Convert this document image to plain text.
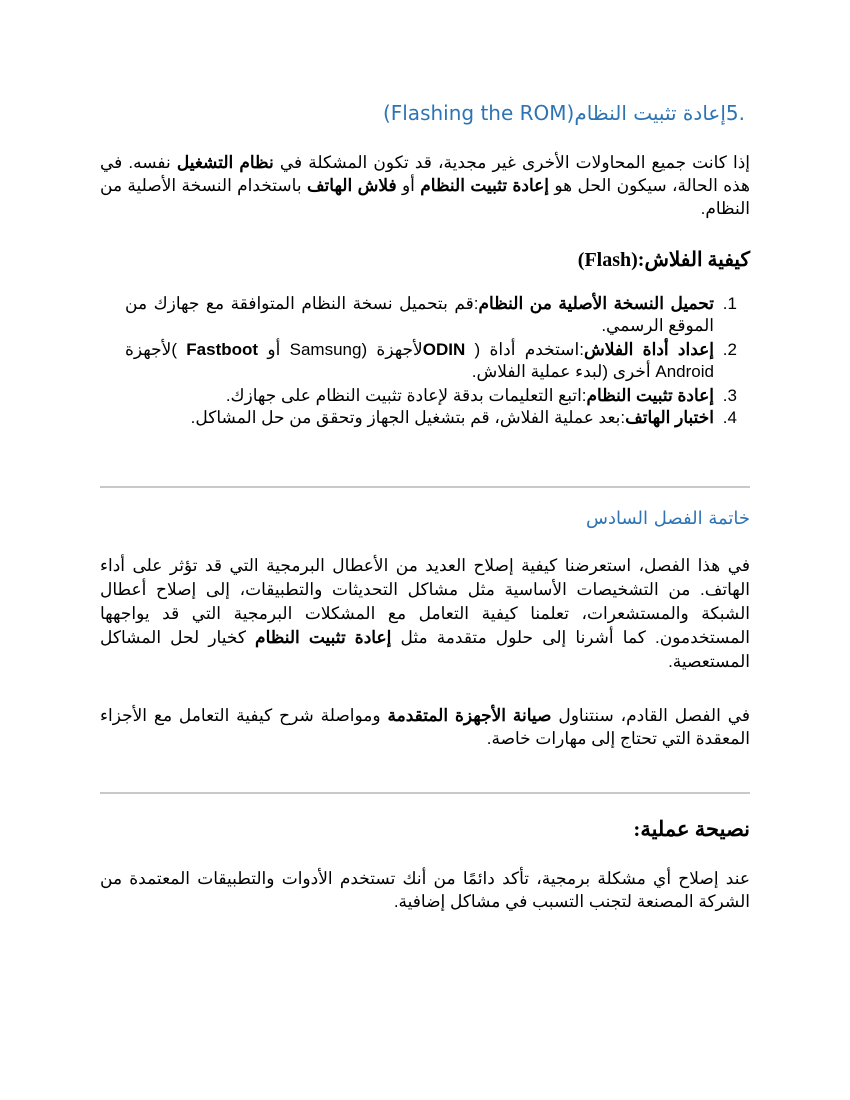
.5إعادة تثبيت النظام(Flashing the ROM)

إذا كانت جميع المحاولات الأخرى غير مجدية، قد تكون المشكلة في نظام التشغيل نفسه. في هذه الحالة، سيكون الحل هو إعادة تثبيت النظام أو فلاش الهاتف باستخدام النسخة الأصلية من النظام.

كيفية الفلاش:(Flash)

1. تحميل النسخة الأصلية من النظام:قم بتحميل نسخة النظام المتوافقة مع جهازك من الموقع الرسمي.
2. إعداد أداة الفلاش:استخدم أداة ( ODINلأجهزة (Samsung أو Fastboot )لأجهزة Android أخرى (لبدء عملية الفلاش.
3. إعادة تثبيت النظام:اتبع التعليمات بدقة لإعادة تثبيت النظام على جهازك.
4. اختبار الهاتف:بعد عملية الفلاش، قم بتشغيل الجهاز وتحقق من حل المشاكل.

خاتمة الفصل السادس

في هذا الفصل، استعرضنا كيفية إصلاح العديد من الأعطال البرمجية التي قد تؤثر على أداء الهاتف. من التشخيصات الأساسية مثل مشاكل التحديثات والتطبيقات، إلى إصلاح أعطال الشبكة والمستشعرات، تعلمنا كيفية التعامل مع المشكلات البرمجية التي قد يواجهها المستخدمون. كما أشرنا إلى حلول متقدمة مثل إعادة تثبيت النظام كخيار لحل المشاكل المستعصية.

في الفصل القادم، سنتناول صيانة الأجهزة المتقدمة ومواصلة شرح كيفية التعامل مع الأجزاء المعقدة التي تحتاج إلى مهارات خاصة.

نصيحة عملية:

عند إصلاح أي مشكلة برمجية، تأكد دائمًا من أنك تستخدم الأدوات والتطبيقات المعتمدة من الشركة المصنعة لتجنب التسبب في مشاكل إضافية.
